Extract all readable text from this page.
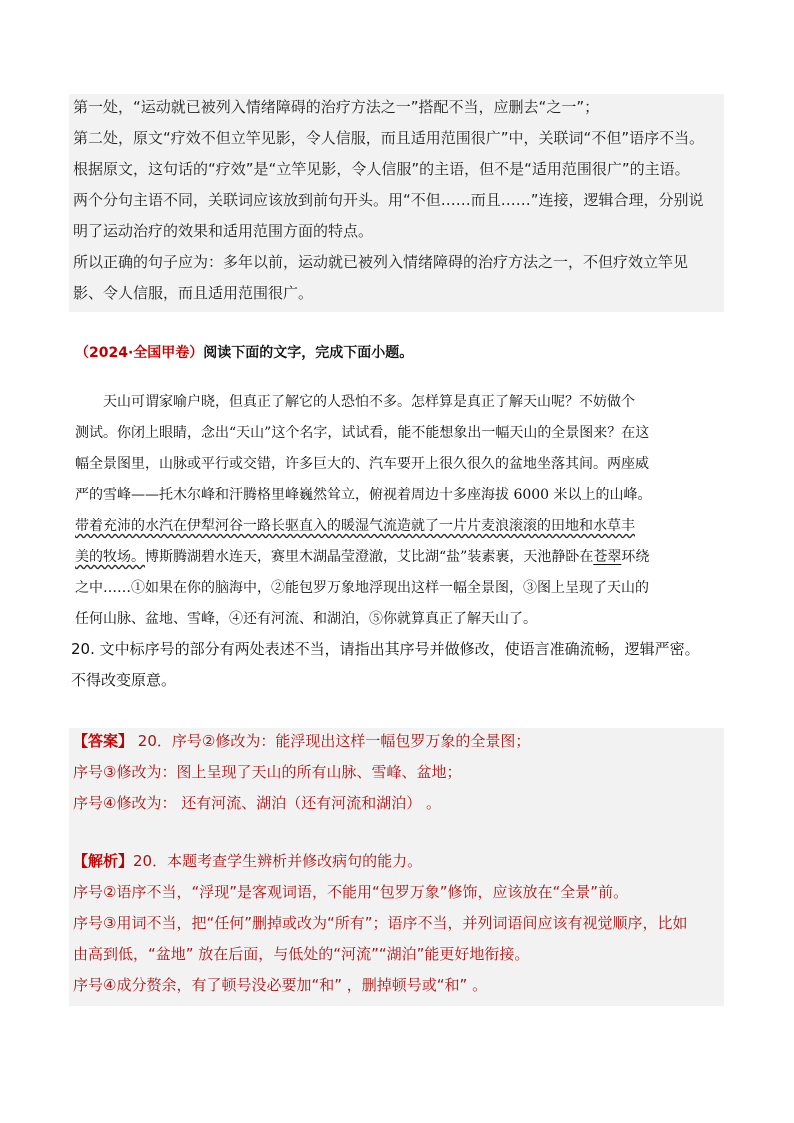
第一处，“运动就已被列入情绪障碍的治疗方法之一”搭配不当，应删去“之一”；
第二处，原文“疗效不但立竿见影，令人信服，而且适用范围很广”中，关联词“不但”语序不当。
根据原文，这句话的“疗效”是“立竿见影，令人信服”的主语，但不是“适用范围很广”的主语。
两个分句主语不同，关联词应该放到前句开头。用“不但……而且……”连接，逻辑合理，分别说
明了运动治疗的效果和适用范围方面的特点。
所以正确的句子应为：多年以前，运动就已被列入情绪障碍的治疗方法之一，不但疗效立竿见
影、令人信服，而且适用范围很广。
（2024·全国甲卷）阅读下面的文字，完成下面小题。
天山可谓家喻户晓，但真正了解它的人恐怕不多。怎样算是真正了解天山呢？不妨做个
测试。你闭上眼睛，念出“天山”这个名字，试试看，能不能想象出一幅天山的全景图来？在这
幅全景图里，山脉或平行或交错，许多巨大的、汽车要开上很久很久的盆地坐落其间。两座威
严的雪峰——托木尔峰和汗腾格里峰巍然耸立，俯视着周边十多座海拔 6000 米以上的山峰。
带着充沛的水汽在伊犁河谷一路长驱直入的暖湿气流造就了一片片麦浪滚滚的田地和水草丰
美的牧场。博斯腾湖碧水连天，赛里木湖晶莹澄澈，艾比湖“盐”装素裹，天池静卧在苍翠环绕
之中……①如果在你的脑海中，②能包罗万象地浮现出这样一幅全景图，③图上呈现了天山的
任何山脉、盆地、雪峰，④还有河流、和湖泊，⑤你就算真正了解天山了。
20. 文中标序号的部分有两处表述不当，请指出其序号并做修改，使语言准确流畅，逻辑严密。
不得改变原意。
【答案】 20．序号②修改为：能浮现出这样一幅包罗万象的全景图；
序号③修改为：图上呈现了天山的所有山脉、雪峰、盆地；
序号④修改为： 还有河流、湖泊（还有河流和湖泊） 。
【解析】20．本题考查学生辨析并修改病句的能力。
序号②语序不当，“浮现”是客观词语，不能用“包罗万象”修饰，应该放在“全景”前。
序号③用词不当，把“任何”删掉或改为“所有”；语序不当，并列词语间应该有视觉顺序，比如
由高到低，“盆地” 放在后面，与低处的“河流”“湖泊”能更好地衔接。
序号④成分赘余，有了顿号没必要加“和” ，删掉顿号或“和” 。
